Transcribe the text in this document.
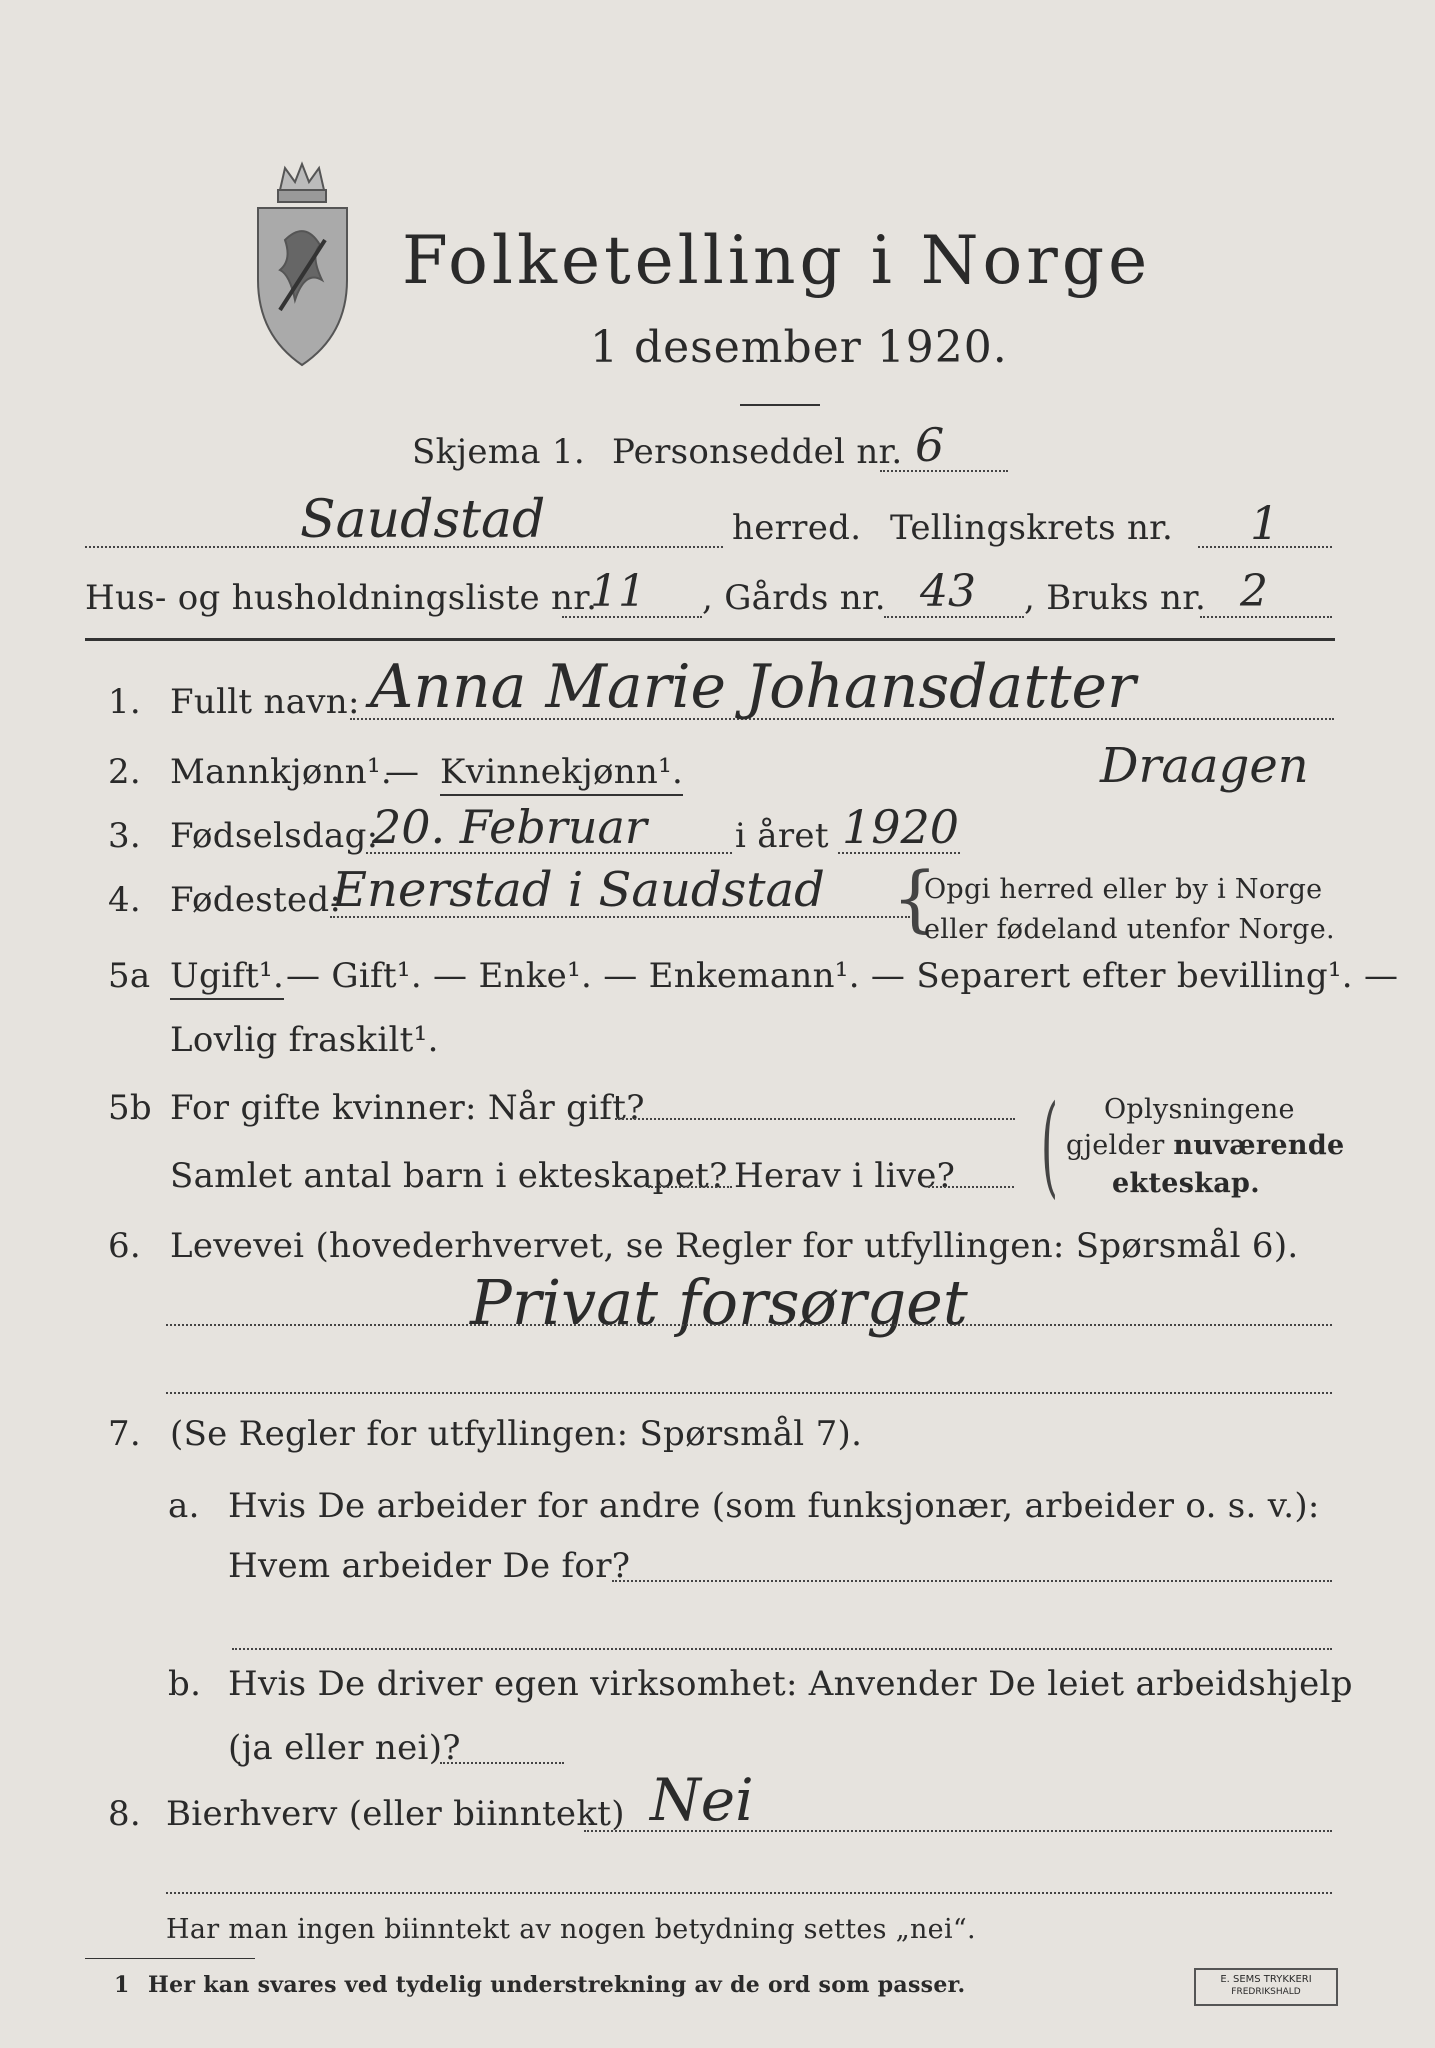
Folketelling i Norge
1 desember 1920.
Skjema 1. Personseddel nr. 6
Saudstad	herred. Tellingskrets nr. 1
Hus- og husholdningsliste nr.
11 , Gårds nr. 43 , Bruks nr. 2
1. Fullt navn: Anna Marie Johansdatter
Draagen
2. Mannkjønn¹.
— Kvinnekjønn¹.
3. Fødselsdag:
20. Februar	i året 1920
4. Fødested:
Enerstad i Saudstad {
Opgi herred eller by i Norge
eller fødeland utenfor Norge.
5a Ugift¹. — Gift¹. — Enke¹. — Enkemann¹. — Separert efter bevilling¹. —
Lovlig fraskilt¹.
5b For gifte kvinner: Når gift?
Samlet antal barn i ekteskapet? Herav i live? ( Oplysningene
gjelder nuværende
ekteskap.
6. Levevei (hovederhvervet, se Regler for utfyllingen: Spørsmål 6).
Privat forsørget
7. (Se Regler for utfyllingen: Spørsmål 7).
a. Hvis De arbeider for andre (som funksjonær, arbeider o. s. v.):
Hvem arbeider De for?
b. Hvis De driver egen virksomhet: Anvender De leiet arbeidshjelp
(ja eller nei)?
8. Bierhverv (eller biinntekt) Nei
Har man ingen biinntekt av nogen betydning settes „nei“.
1 Her kan svares ved tydelig understrekning av de ord som passer.	E. SEMS TRYKKERI
FREDRIKSHALD
